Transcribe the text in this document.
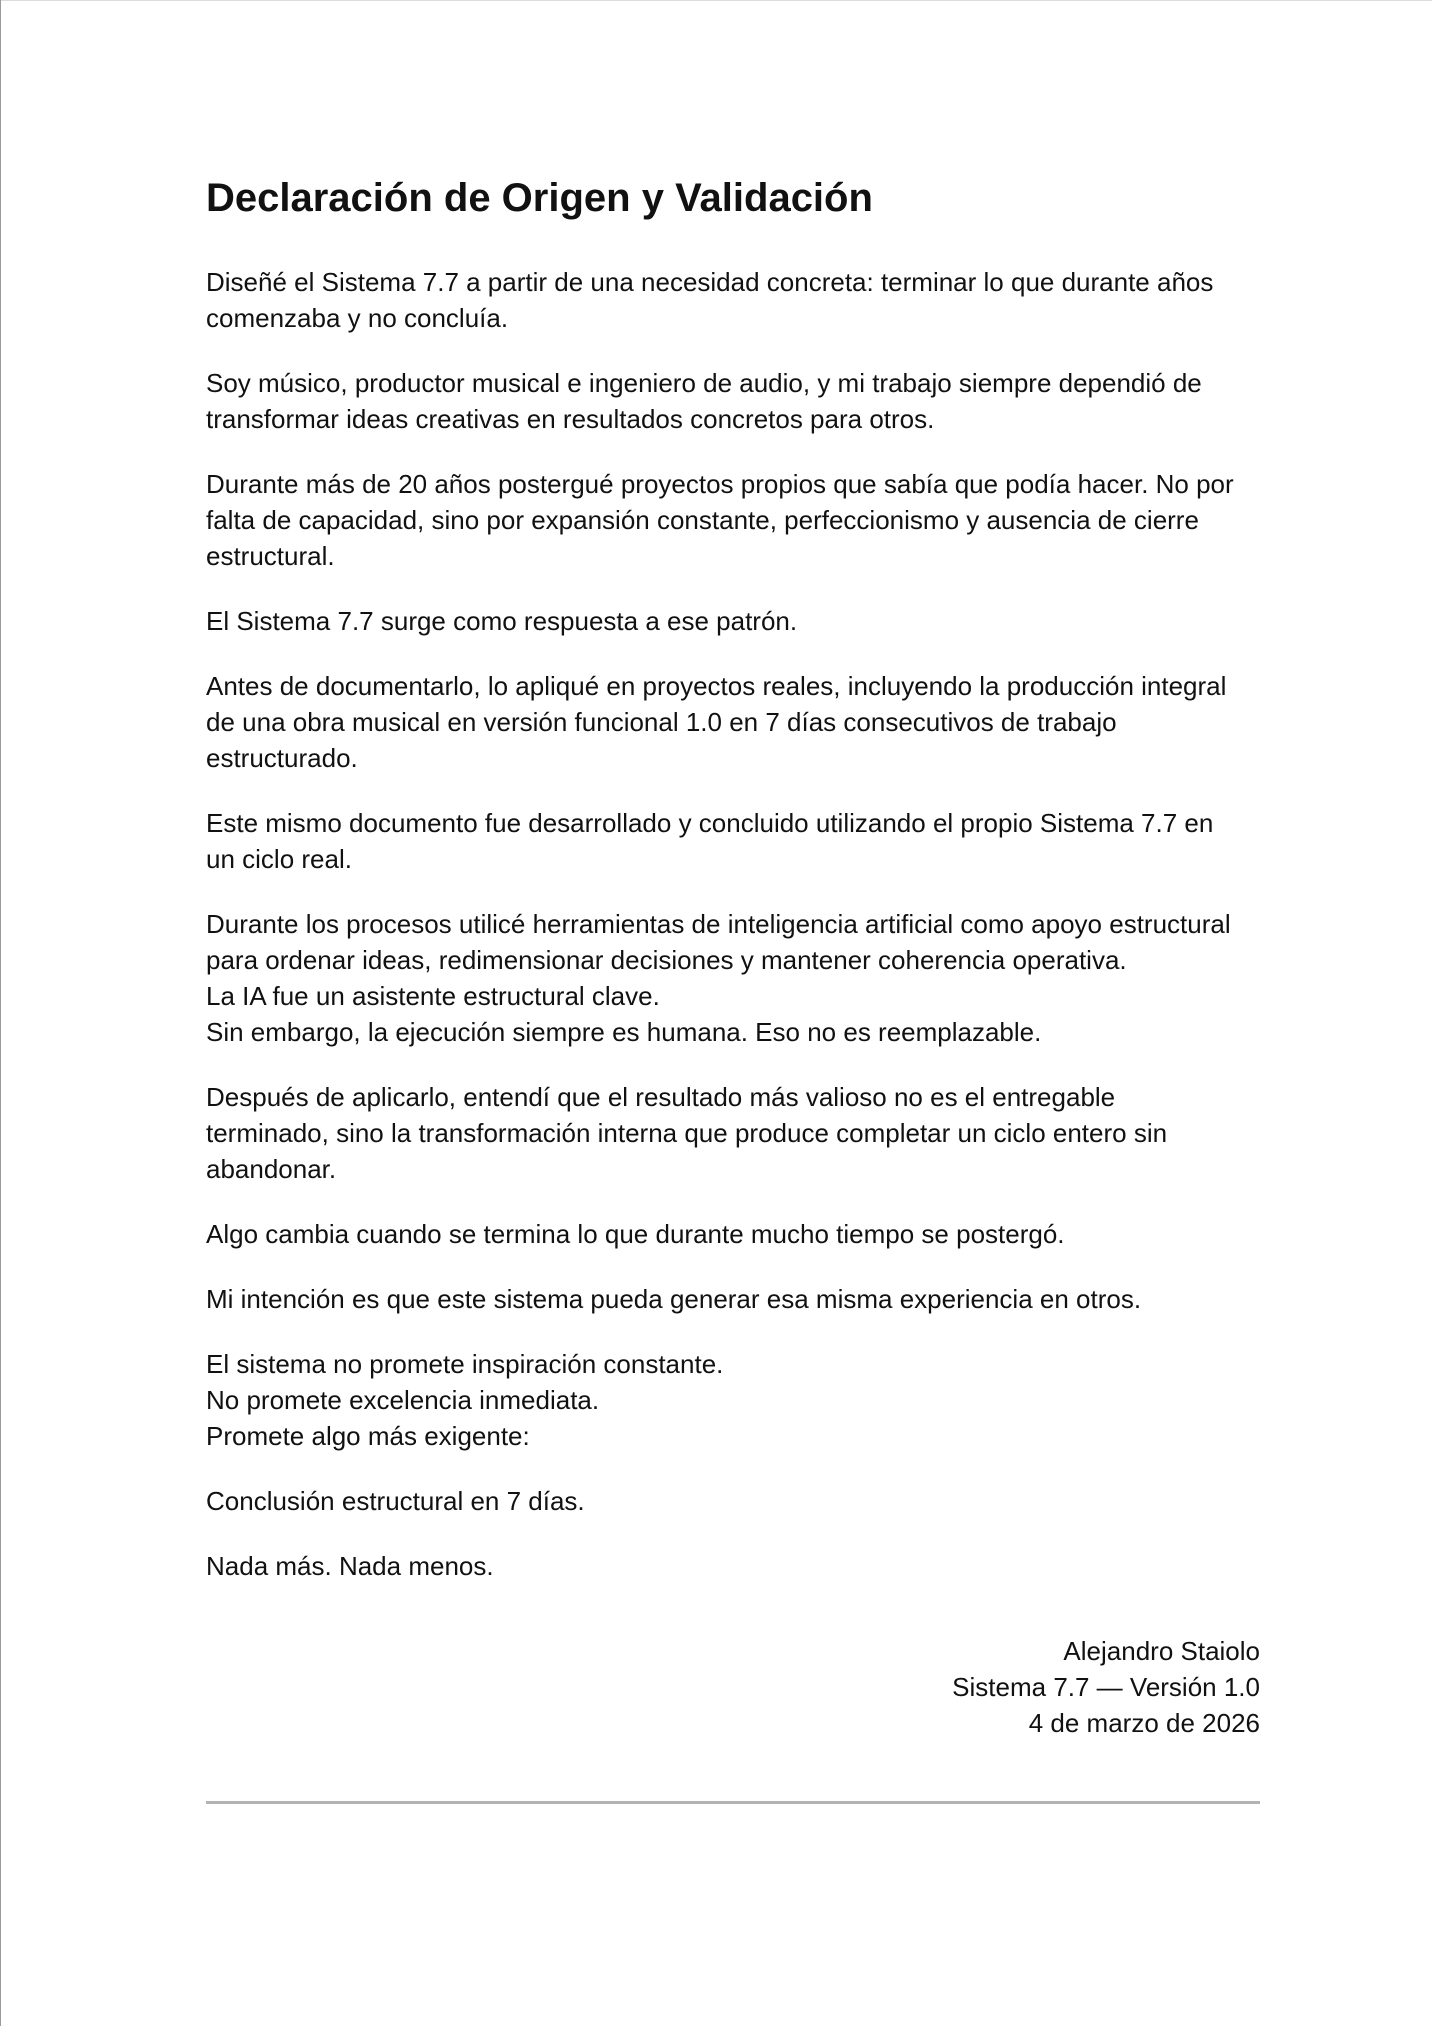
Declaración de Origen y Validación

Diseñé el Sistema 7.7 a partir de una necesidad concreta: terminar lo que durante años
comenzaba y no concluía.

Soy músico, productor musical e ingeniero de audio, y mi trabajo siempre dependió de
transformar ideas creativas en resultados concretos para otros.

Durante más de 20 años postergué proyectos propios que sabía que podía hacer. No por
falta de capacidad, sino por expansión constante, perfeccionismo y ausencia de cierre
estructural.

El Sistema 7.7 surge como respuesta a ese patrón.

Antes de documentarlo, lo apliqué en proyectos reales, incluyendo la producción integral
de una obra musical en versión funcional 1.0 en 7 días consecutivos de trabajo
estructurado.

Este mismo documento fue desarrollado y concluido utilizando el propio Sistema 7.7 en
un ciclo real.

Durante los procesos utilicé herramientas de inteligencia artificial como apoyo estructural
para ordenar ideas, redimensionar decisiones y mantener coherencia operativa.
La IA fue un asistente estructural clave.
Sin embargo, la ejecución siempre es humana. Eso no es reemplazable.

Después de aplicarlo, entendí que el resultado más valioso no es el entregable
terminado, sino la transformación interna que produce completar un ciclo entero sin
abandonar.

Algo cambia cuando se termina lo que durante mucho tiempo se postergó.

Mi intención es que este sistema pueda generar esa misma experiencia en otros.

El sistema no promete inspiración constante.
No promete excelencia inmediata.
Promete algo más exigente:

Conclusión estructural en 7 días.

Nada más. Nada menos.

Alejandro Staiolo
Sistema 7.7 — Versión 1.0
4 de marzo de 2026
